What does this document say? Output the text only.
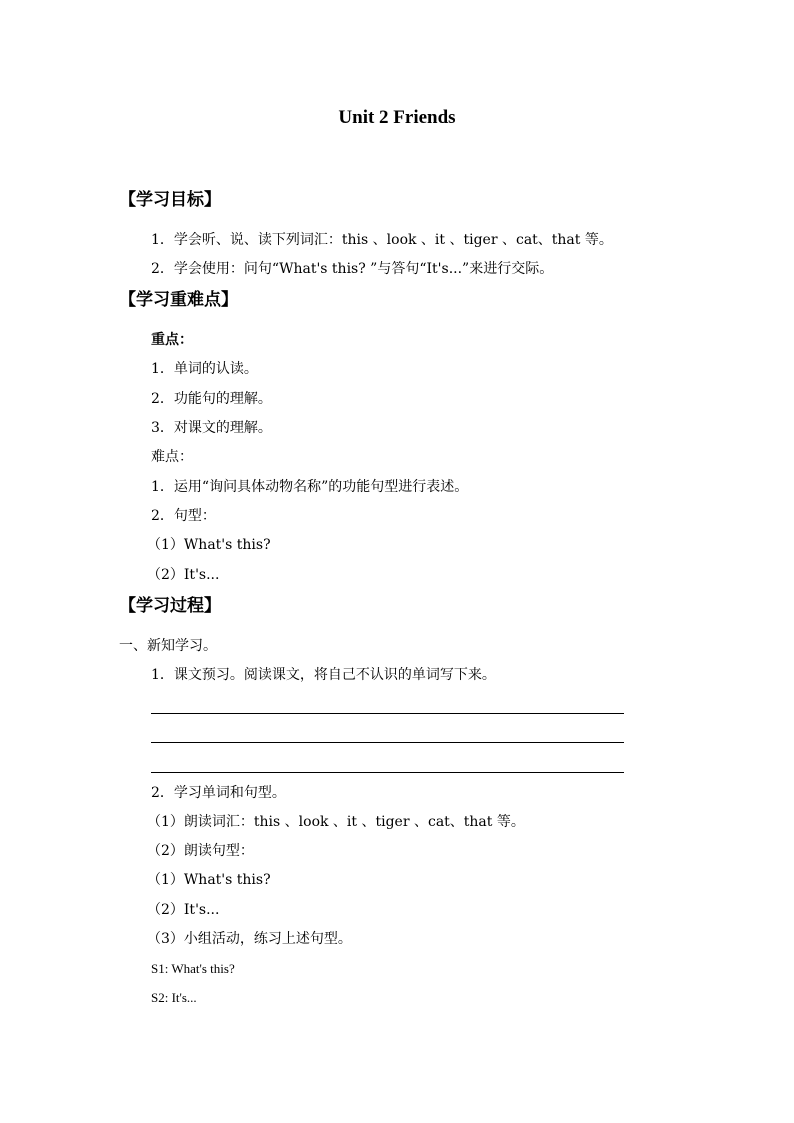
Unit 2 Friends
【学习目标】
1．学会听、说、读下列词汇：this 、look 、it 、tiger 、cat、that 等。
2．学会使用：问句“What's this? ”与答句“It's...”来进行交际。
【学习重难点】
重点：
1．单词的认读。
2．功能句的理解。
3．对课文的理解。
难点：
1．运用“询问具体动物名称”的功能句型进行表述。
2．句型：
（1）What's this?
（2）It's...
【学习过程】
一、新知学习。
1．课文预习。阅读课文，将自己不认识的单词写下来。
2．学习单词和句型。
（1）朗读词汇：this 、look 、it 、tiger 、cat、that 等。
（2）朗读句型：
（1）What's this?
（2）It's...
（3）小组活动，练习上述句型。
S1: What's this?
S2: It's...
